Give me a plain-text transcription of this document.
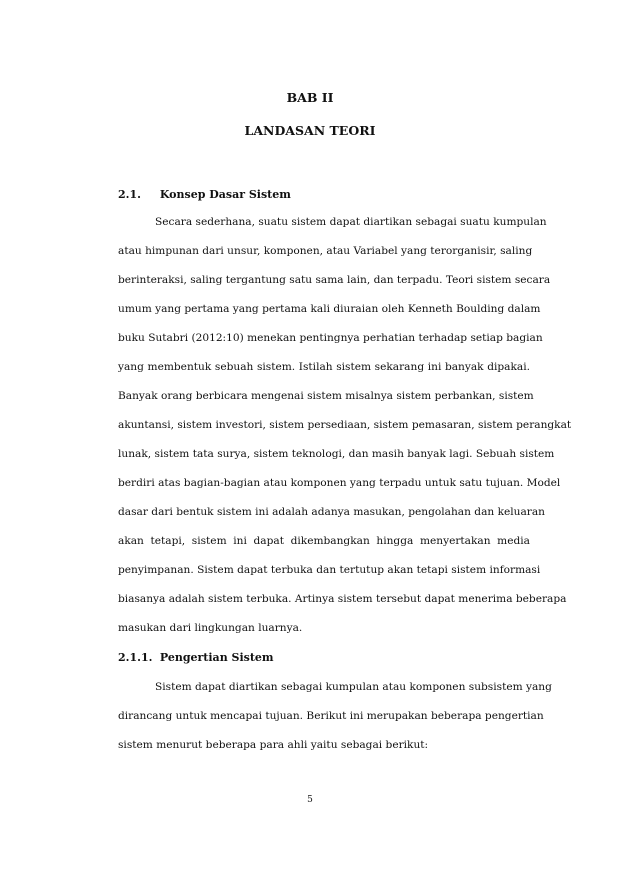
BAB II
LANDASAN TEORI
2.1. Konsep Dasar Sistem
Secara sederhana, suatu sistem dapat diartikan sebagai suatu kumpulan
atau himpunan dari unsur, komponen, atau Variabel yang terorganisir, saling
berinteraksi, saling tergantung satu sama lain, dan terpadu. Teori sistem secara
umum yang pertama yang pertama kali diuraian oleh Kenneth Boulding dalam
buku Sutabri (2012:10) menekan pentingnya perhatian terhadap setiap bagian
yang membentuk sebuah sistem. Istilah sistem sekarang ini banyak dipakai.
Banyak orang berbicara mengenai sistem misalnya sistem perbankan, sistem
akuntansi, sistem investori, sistem persediaan, sistem pemasaran, sistem perangkat
lunak, sistem tata surya, sistem teknologi, dan masih banyak lagi. Sebuah sistem
berdiri atas bagian-bagian atau komponen yang terpadu untuk satu tujuan. Model
dasar dari bentuk sistem ini adalah adanya masukan, pengolahan dan keluaran
akan tetapi, sistem ini dapat dikembangkan hingga menyertakan media
penyimpanan. Sistem dapat terbuka dan tertutup akan tetapi sistem informasi
biasanya adalah sistem terbuka. Artinya sistem tersebut dapat menerima beberapa
masukan dari lingkungan luarnya.
2.1.1. Pengertian Sistem
Sistem dapat diartikan sebagai kumpulan atau komponen subsistem yang
dirancang untuk mencapai tujuan. Berikut ini merupakan beberapa pengertian
sistem menurut beberapa para ahli yaitu sebagai berikut:
5
